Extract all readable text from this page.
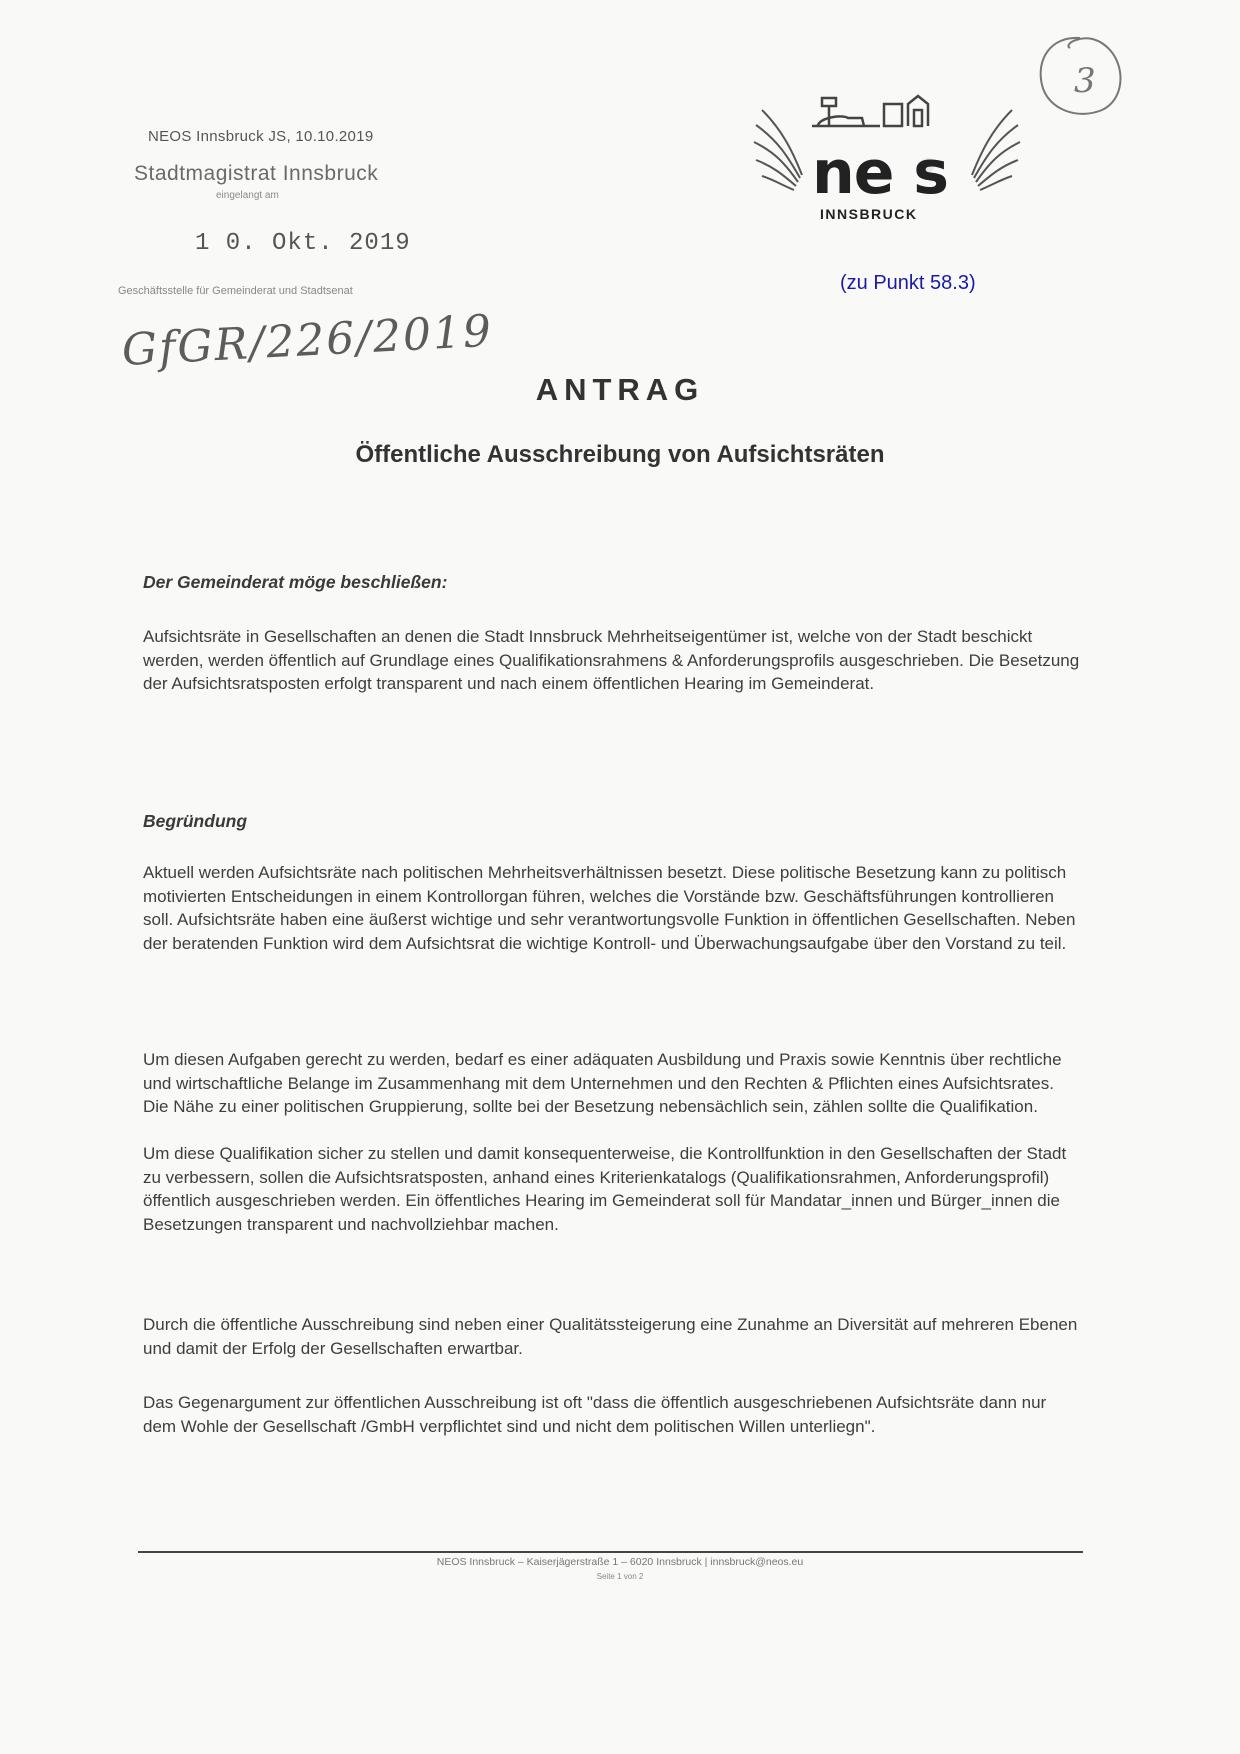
NEOS Innsbruck JS, 10.10.2019
Stadtmagistrat Innsbruck
eingelangt am
1 0. Okt. 2019
Geschäftsstelle für Gemeinderat und Stadtsenat
GfGR/226/2019
3
ne s
INNSBRUCK
(zu Punkt 58.3)
ANTRAG
Öffentliche Ausschreibung von Aufsichtsräten
Der Gemeinderat möge beschließen:

Aufsichtsräte in Gesellschaften an denen die Stadt Innsbruck Mehrheitseigentümer ist, welche von der Stadt beschickt werden, werden öffentlich auf Grundlage eines Qualifikationsrahmens & Anforderungsprofils ausgeschrieben. Die Besetzung der Aufsichtsratsposten erfolgt transparent und nach einem öffentlichen Hearing im Gemeinderat.

Begründung

Aktuell werden Aufsichtsräte nach politischen Mehrheitsverhältnissen besetzt. Diese politische Besetzung kann zu politisch motivierten Entscheidungen in einem Kontrollorgan führen, welches die Vorstände bzw. Geschäftsführungen kontrollieren soll. Aufsichtsräte haben eine äußerst wichtige und sehr verantwortungsvolle Funktion in öffentlichen Gesellschaften. Neben der beratenden Funktion wird dem Aufsichtsrat die wichtige Kontroll- und Überwachungsaufgabe über den Vorstand zu teil.

Um diesen Aufgaben gerecht zu werden, bedarf es einer adäquaten Ausbildung und Praxis sowie Kenntnis über rechtliche und wirtschaftliche Belange im Zusammenhang mit dem Unternehmen und den Rechten & Pflichten eines Aufsichtsrates. Die Nähe zu einer politischen Gruppierung, sollte bei der Besetzung nebensächlich sein, zählen sollte die Qualifikation.

Um diese Qualifikation sicher zu stellen und damit konsequenterweise, die Kontrollfunktion in den Gesellschaften der Stadt zu verbessern, sollen die Aufsichtsratsposten, anhand eines Kriterienkatalogs (Qualifikationsrahmen, Anforderungsprofil) öffentlich ausgeschrieben werden. Ein öffentliches Hearing im Gemeinderat soll für Mandatar_innen und Bürger_innen die Besetzungen transparent und nachvollziehbar machen.

Durch die öffentliche Ausschreibung sind neben einer Qualitätssteigerung eine Zunahme an Diversität auf mehreren Ebenen und damit der Erfolg der Gesellschaften erwartbar.

Das Gegenargument zur öffentlichen Ausschreibung ist oft "dass die öffentlich ausgeschriebenen Aufsichtsräte dann nur dem Wohle der Gesellschaft /GmbH verpflichtet sind und nicht dem politischen Willen unterliegn".

NEOS Innsbruck – Kaiserjägerstraße 1 – 6020 Innsbruck | innsbruck@neos.eu
Seite 1 von 2
